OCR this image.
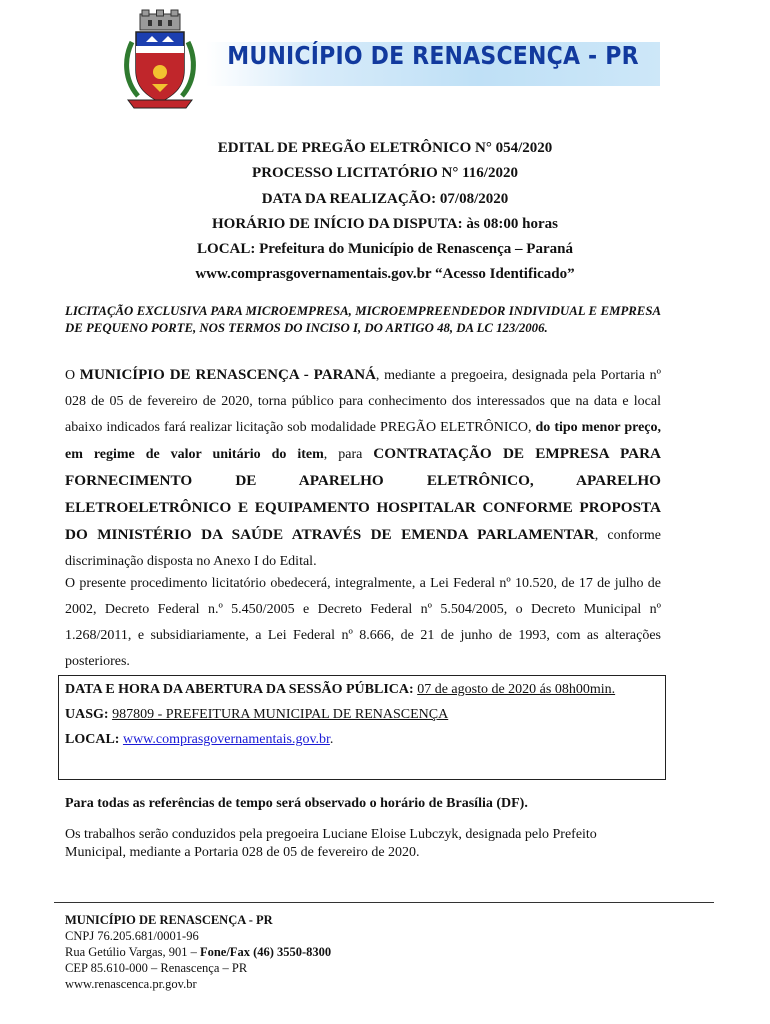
MUNICÍPIO DE RENASCENÇA - PR
EDITAL DE PREGÃO ELETRÔNICO N° 054/2020
PROCESSO LICITATÓRIO N° 116/2020
DATA DA REALIZAÇÃO: 07/08/2020
HORÁRIO DE INÍCIO DA DISPUTA: às 08:00 horas
LOCAL: Prefeitura do Município de Renascença – Paraná
www.comprasgovernamentais.gov.br “Acesso Identificado”
LICITAÇÃO EXCLUSIVA PARA MICROEMPRESA, MICROEMPREENDEDOR INDIVIDUAL E EMPRESA DE PEQUENO PORTE, NOS TERMOS DO INCISO I, DO ARTIGO 48, DA LC 123/2006.
O MUNICÍPIO DE RENASCENÇA - PARANÁ, mediante a pregoeira, designada pela Portaria nº 028 de 05 de fevereiro de 2020, torna público para conhecimento dos interessados que na data e local abaixo indicados fará realizar licitação sob modalidade PREGÃO ELETRÔNICO, do tipo menor preço, em regime de valor unitário do item, para CONTRATAÇÃO DE EMPRESA PARA FORNECIMENTO DE APARELHO ELETRÔNICO, APARELHO ELETROELETRÔNICO E EQUIPAMENTO HOSPITALAR CONFORME PROPOSTA DO MINISTÉRIO DA SAÚDE ATRAVÉS DE EMENDA PARLAMENTAR, conforme discriminação disposta no Anexo I do Edital.
O presente procedimento licitatório obedecerá, integralmente, a Lei Federal nº 10.520, de 17 de julho de 2002, Decreto Federal n.º 5.450/2005 e Decreto Federal nº 5.504/2005, o Decreto Municipal nº 1.268/2011, e subsidiariamente, a Lei Federal nº 8.666, de 21 de junho de 1993, com as alterações posteriores.
DATA E HORA DA ABERTURA DA SESSÃO PÚBLICA: 07 de agosto de 2020 ás 08h00min.
UASG: 987809 - PREFEITURA MUNICIPAL DE RENASCENÇA
LOCAL: www.comprasgovernamentais.gov.br.
Para todas as referências de tempo será observado o horário de Brasília (DF).
Os trabalhos serão conduzidos pela pregoeira Luciane Eloise Lubczyk, designada pelo Prefeito Municipal, mediante a Portaria 028 de 05 de fevereiro de 2020.
MUNICÍPIO DE RENASCENÇA - PR
CNPJ 76.205.681/0001-96
Rua Getúlio Vargas, 901 – Fone/Fax (46) 3550-8300
CEP 85.610-000 – Renascença – PR
www.renascenca.pr.gov.br
